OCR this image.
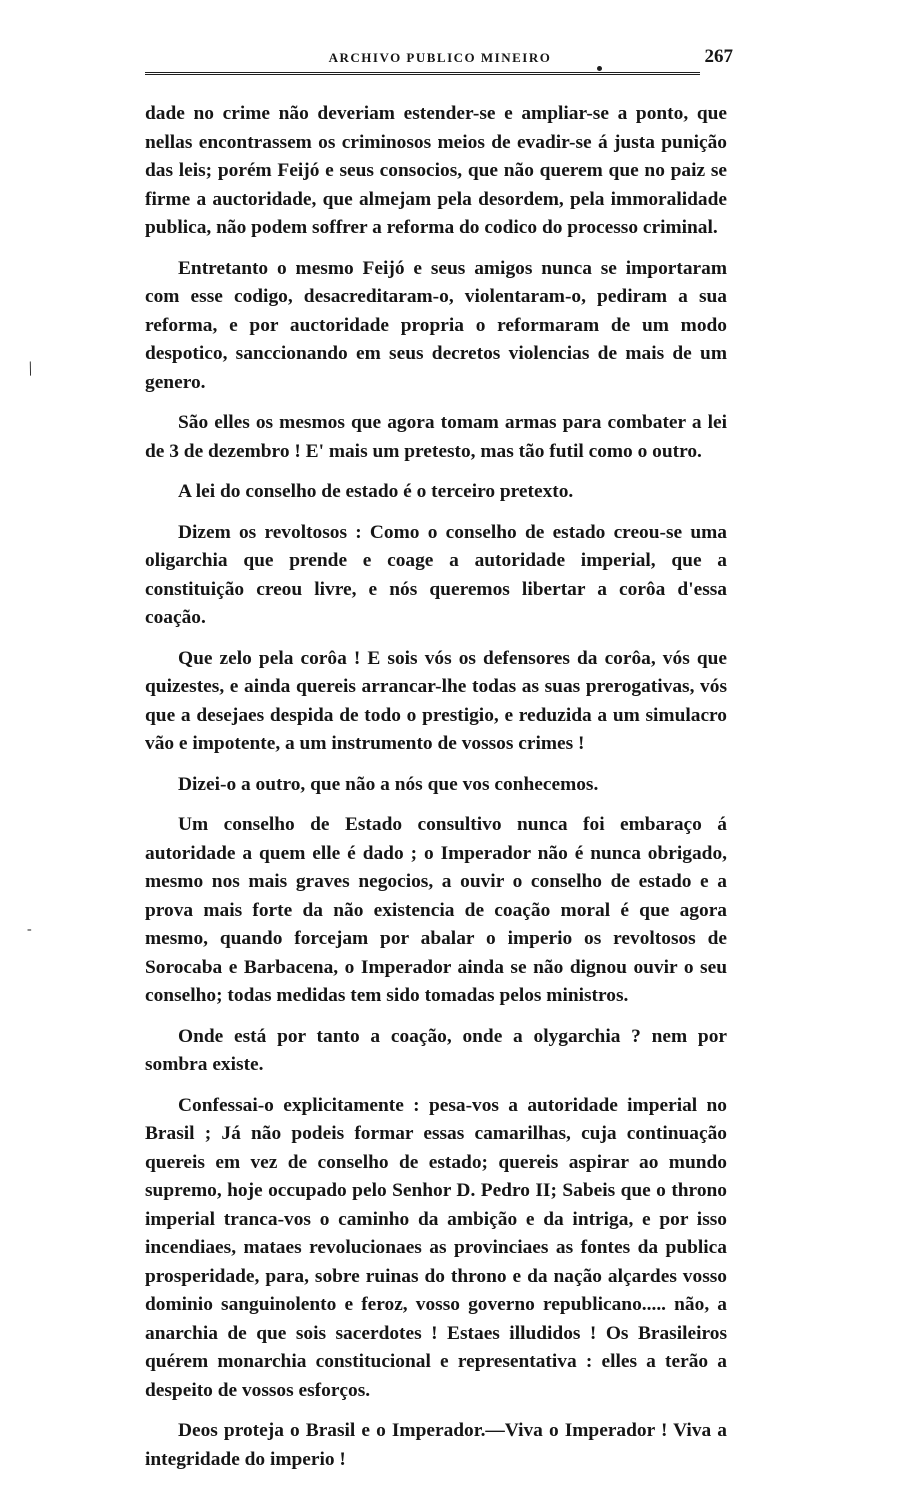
ARCHIVO PUBLICO MINEIRO	267
/
-

dade no crime não deveriam estender-se e ampliar-se a ponto, que nellas encontrassem os criminosos meios de evadir-se á justa punição das leis; porém Feijó e seus consocios, que não querem que no paiz se firme a auctoridade, que almejam pela desordem, pela immoralidade publica, não podem soffrer a reforma do codico do processo criminal.

Entretanto o mesmo Feijó e seus amigos nunca se importaram com esse codigo, desacreditaram-o, violentaram-o, pediram a sua reforma, e por auctoridade propria o reformaram de um modo despotico, sanccionando em seus decretos violencias de mais de um genero.

São elles os mesmos que agora tomam armas para combater a lei de 3 de dezembro ! E' mais um pretesto, mas tão futil como o outro.

A lei do conselho de estado é o terceiro pretexto.

Dizem os revoltosos : Como o conselho de estado creou-se uma oligarchia que prende e coage a autoridade imperial, que a constituição creou livre, e nós queremos libertar a corôa d'essa coação.

Que zelo pela corôa ! E sois vós os defensores da corôa, vós que quizestes, e ainda quereis arrancar-lhe todas as suas prerogativas, vós que a desejaes despida de todo o prestigio, e reduzida a um simulacro vão e impotente, a um instrumento de vossos crimes !

Dizei-o a outro, que não a nós que vos conhecemos.

Um conselho de Estado consultivo nunca foi embaraço á autoridade a quem elle é dado ; o Imperador não é nunca obrigado, mesmo nos mais graves negocios, a ouvir o conselho de estado e a prova mais forte da não existencia de coação moral é que agora mesmo, quando forcejam por abalar o imperio os revoltosos de Sorocaba e Barbacena, o Imperador ainda se não dignou ouvir o seu conselho; todas medidas tem sido tomadas pelos ministros.

Onde está por tanto a coação, onde a olygarchia ? nem por sombra existe.

Confessai-o explicitamente : pesa-vos a autoridade imperial no Brasil ; Já não podeis formar essas camarilhas, cuja continuação quereis em vez de conselho de estado; quereis aspirar ao mundo supremo, hoje occupado pelo Senhor D. Pedro II; Sabeis que o throno imperial tranca-vos o caminho da ambição e da intriga, e por isso incendiaes, mataes revolucionaes as provinciaes as fontes da publica prosperidade, para, sobre ruinas do throno e da nação alçardes vosso dominio sanguinolento e feroz, vosso governo republicano..... não, a anarchia de que sois sacerdotes ! Estaes illudidos ! Os Brasileiros quérem monarchia constitucional e representativa : elles a terão a despeito de vossos esforços.

Deos proteja o Brasil e o Imperador.—Viva o Imperador ! Viva a integridade do imperio !
